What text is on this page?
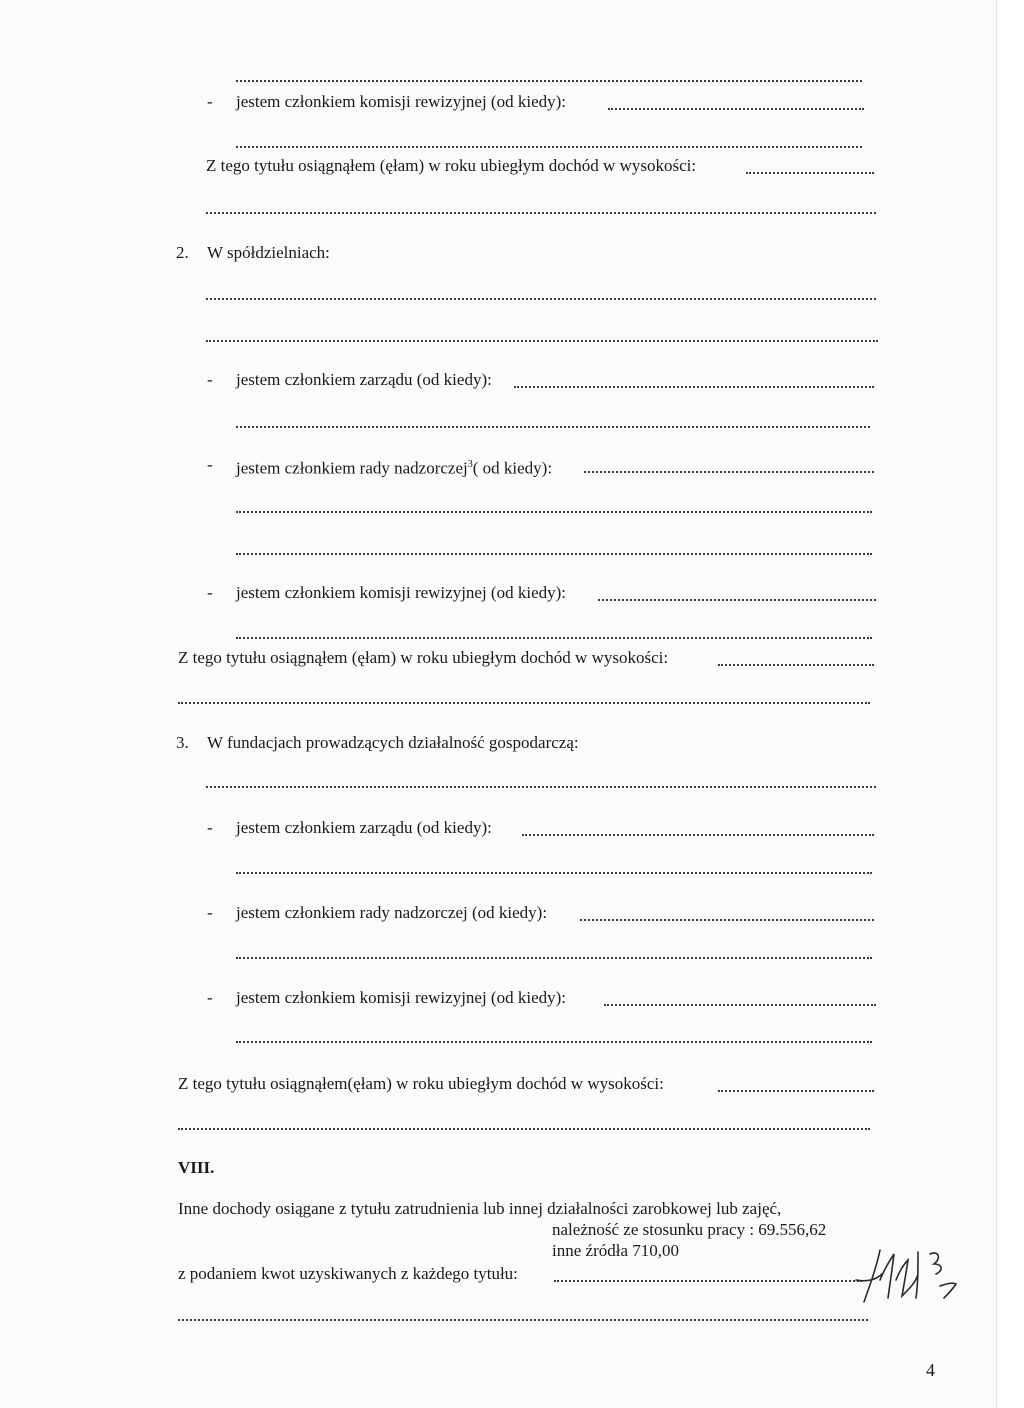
- jestem członkiem komisji rewizyjnej (od kiedy):
Z tego tytułu osiągnąłem (ęłam) w roku ubiegłym dochód w wysokości:
2. W spółdzielniach:
- jestem członkiem zarządu (od kiedy):
- jestem członkiem rady nadzorczej$^3$( od kiedy):
- jestem członkiem komisji rewizyjnej (od kiedy):
Z tego tytułu osiągnąłem (ęłam) w roku ubiegłym dochód w wysokości:
3. W fundacjach prowadzących działalność gospodarczą:
- jestem członkiem zarządu (od kiedy):
- jestem członkiem rady nadzorczej (od kiedy):
- jestem członkiem komisji rewizyjnej (od kiedy):
Z tego tytułu osiągnąłem(ęłam) w roku ubiegłym dochód w wysokości:
VIII.
Inne dochody osiągane z tytułu zatrudnienia lub innej działalności zarobkowej lub zajęć,
należność ze stosunku pracy : 69.556,62
inne źródła 710,00
z podaniem kwot uzyskiwanych z każdego tytułu:
4
